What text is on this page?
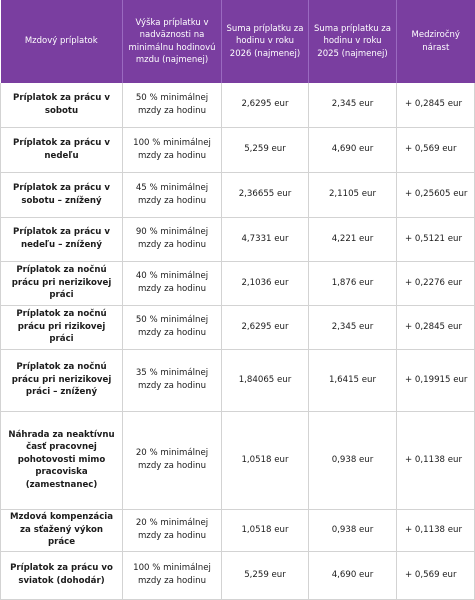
Mzdový príplatok	Výška príplatku v nadväznosti na minimálnu hodinovú mzdu (najmenej)	Suma príplatku za hodinu v roku 2026 (najmenej)	Suma príplatku za hodinu v roku 2025 (najmenej)	Medziročný nárast
Príplatok za prácu v sobotu	50 % minimálnej mzdy za hodinu	2,6295 eur	2,345 eur	+ 0,2845 eur
Príplatok za prácu v nedeľu	100 % minimálnej mzdy za hodinu	5,259 eur	4,690 eur	+ 0,569 eur
Príplatok za prácu v sobotu – znížený	45 % minimálnej mzdy za hodinu	2,36655 eur	2,1105 eur	+ 0,25605 eur
Príplatok za prácu v nedeľu – znížený	90 % minimálnej mzdy za hodinu	4,7331 eur	4,221 eur	+ 0,5121 eur
Príplatok za nočnú prácu pri nerizikovej práci	40 % minimálnej mzdy za hodinu	2,1036 eur	1,876 eur	+ 0,2276 eur
Príplatok za nočnú prácu pri rizikovej práci	50 % minimálnej mzdy za hodinu	2,6295 eur	2,345 eur	+ 0,2845 eur
Príplatok za nočnú prácu pri nerizikovej práci – znížený	35 % minimálnej mzdy za hodinu	1,84065 eur	1,6415 eur	+ 0,19915 eur
Náhrada za neaktívnu časť pracovnej pohotovosti mimo pracoviska (zamestnanec)	20 % minimálnej mzdy za hodinu	1,0518 eur	0,938 eur	+ 0,1138 eur
Mzdová kompenzácia za sťažený výkon práce	20 % minimálnej mzdy za hodinu	1,0518 eur	0,938 eur	+ 0,1138 eur
Príplatok za prácu vo sviatok (dohodár)	100 % minimálnej mzdy za hodinu	5,259 eur	4,690 eur	+ 0,569 eur
